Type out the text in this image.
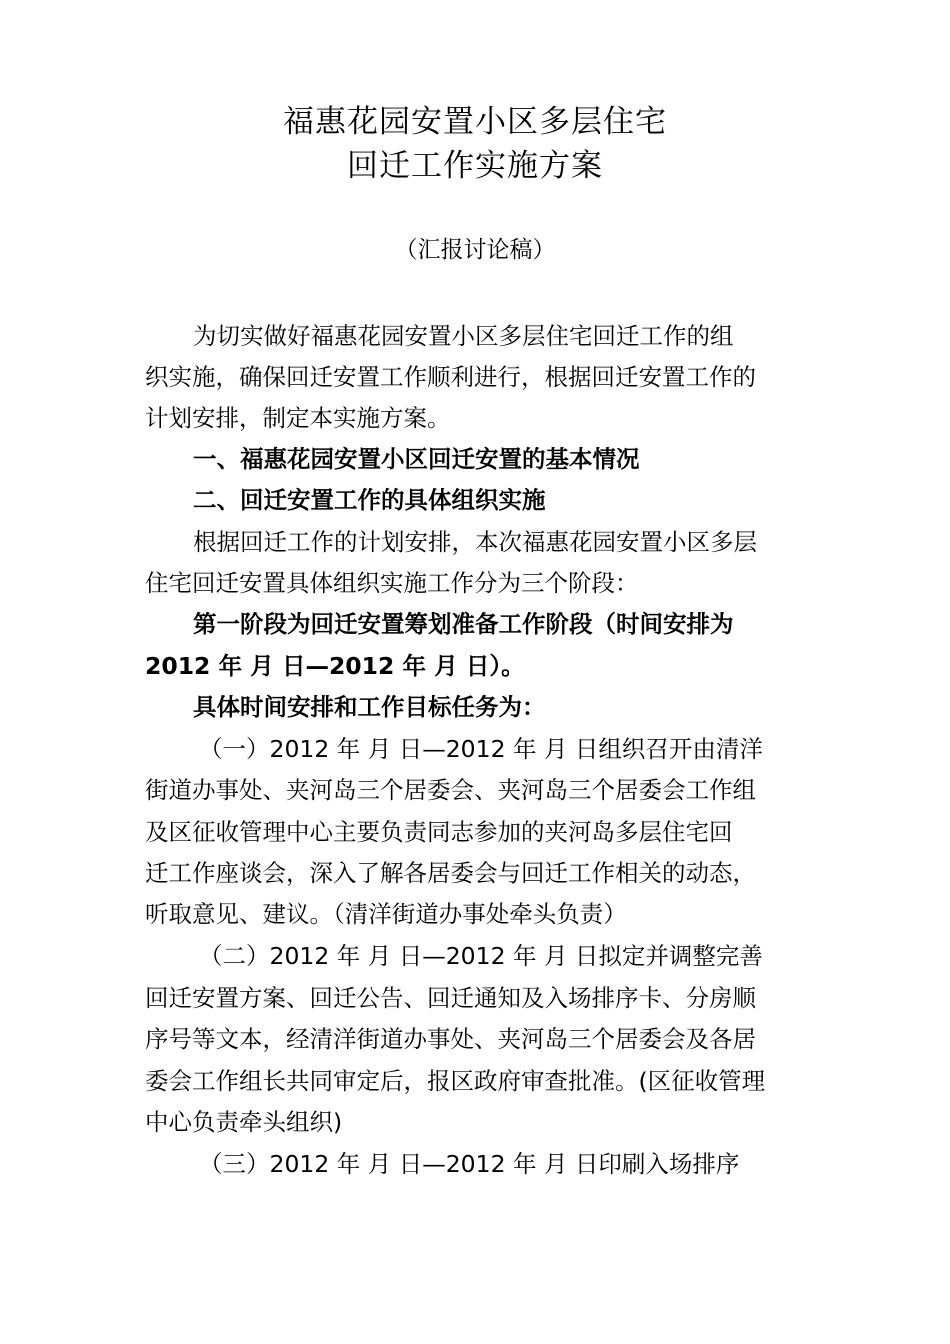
福惠花园安置小区多层住宅
回迁工作实施方案
（汇报讨论稿）
为切实做好福惠花园安置小区多层住宅回迁工作的组
织实施，确保回迁安置工作顺利进行，根据回迁安置工作的
计划安排，制定本实施方案。
一、福惠花园安置小区回迁安置的基本情况
二、回迁安置工作的具体组织实施
根据回迁工作的计划安排，本次福惠花园安置小区多层
住宅回迁安置具体组织实施工作分为三个阶段：
第一阶段为回迁安置筹划准备工作阶段（时间安排为
2012 年 月 日—2012 年 月 日）。
具体时间安排和工作目标任务为：
（一）2012 年 月 日—2012 年 月 日组织召开由清洋
街道办事处、夹河岛三个居委会、夹河岛三个居委会工作组
及区征收管理中心主要负责同志参加的夹河岛多层住宅回
迁工作座谈会，深入了解各居委会与回迁工作相关的动态，
听取意见、建议。（清洋街道办事处牵头负责）
（二）2012 年 月 日—2012 年 月 日拟定并调整完善
回迁安置方案、回迁公告、回迁通知及入场排序卡、分房顺
序号等文本，经清洋街道办事处、夹河岛三个居委会及各居
委会工作组长共同审定后，报区政府审查批准。(区征收管理
中心负责牵头组织)
（三）2012 年 月 日—2012 年 月 日印刷入场排序
